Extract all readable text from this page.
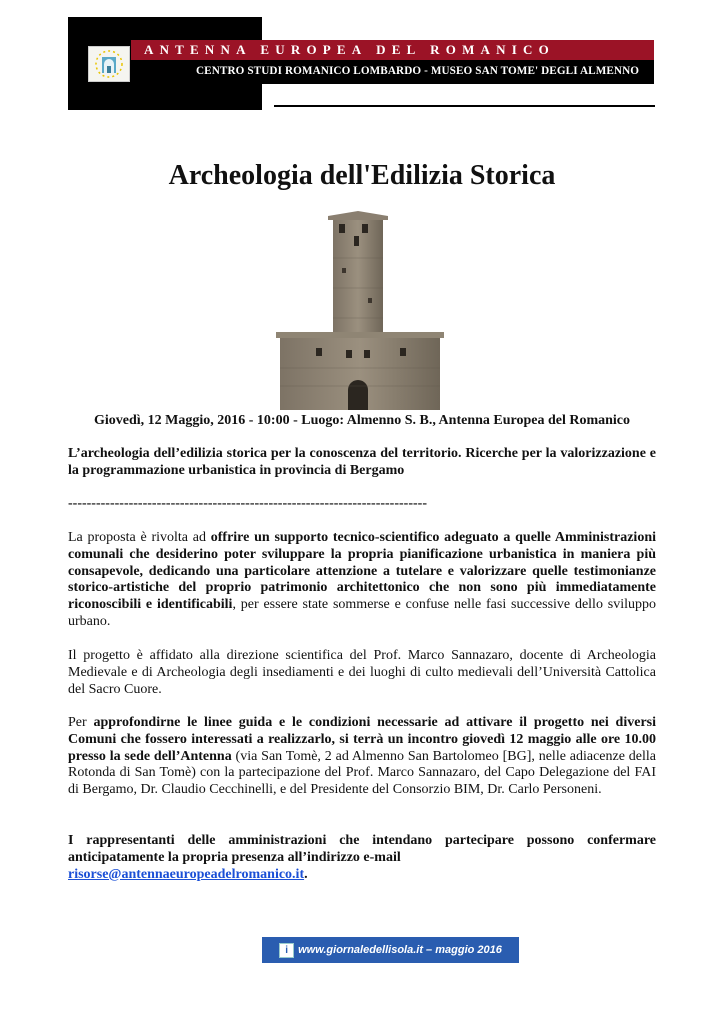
ANTENNA EUROPEA DEL ROMANICO
CENTRO STUDI ROMANICO LOMBARDO - MUSEO SAN TOME' DEGLI ALMENNO
Archeologia dell'Edilizia Storica
Giovedì, 12 Maggio, 2016 - 10:00 - Luogo: Almenno S. B., Antenna Europea del Romanico

L’archeologia dell’edilizia storica per la conoscenza del territorio. Ricerche per la valorizzazione e la programmazione urbanistica in provincia di Bergamo

-----------------------------------------------------------------------------

La proposta è rivolta ad offrire un supporto tecnico-scientifico adeguato a quelle Amministrazioni comunali che desiderino poter sviluppare la propria pianificazione urbanistica in maniera più consapevole, dedicando una particolare attenzione a tutelare e valorizzare quelle testimonianze storico-artistiche del proprio patrimonio architettonico che non sono più immediatamente riconoscibili e identificabili, per essere state sommerse e confuse nelle fasi successive dello sviluppo urbano.

Il progetto è affidato alla direzione scientifica del Prof. Marco Sannazaro, docente di Archeologia Medievale e di Archeologia degli insediamenti e dei luoghi di culto medievali dell’Università Cattolica del Sacro Cuore.

Per approfondirne le linee guida e le condizioni necessarie ad attivare il progetto nei diversi Comuni che fossero interessati a realizzarlo, si terrà un incontro giovedì 12 maggio alle ore 10.00 presso la sede dell’Antenna (via San Tomè, 2 ad Almenno San Bartolomeo [BG], nelle adiacenze della Rotonda di San Tomè) con la partecipazione del Prof. Marco Sannazaro, del Capo Delegazione del FAI di Bergamo, Dr. Claudio Cecchinelli, e del Presidente del Consorzio BIM, Dr. Carlo Personeni.

I rappresentanti delle amministrazioni che intendano partecipare possono confermare anticipatamente la propria presenza all’indirizzo e-mail
risorse@antennaeuropeadelromanico.it.

i www.giornaledellisola.it – maggio 2016
